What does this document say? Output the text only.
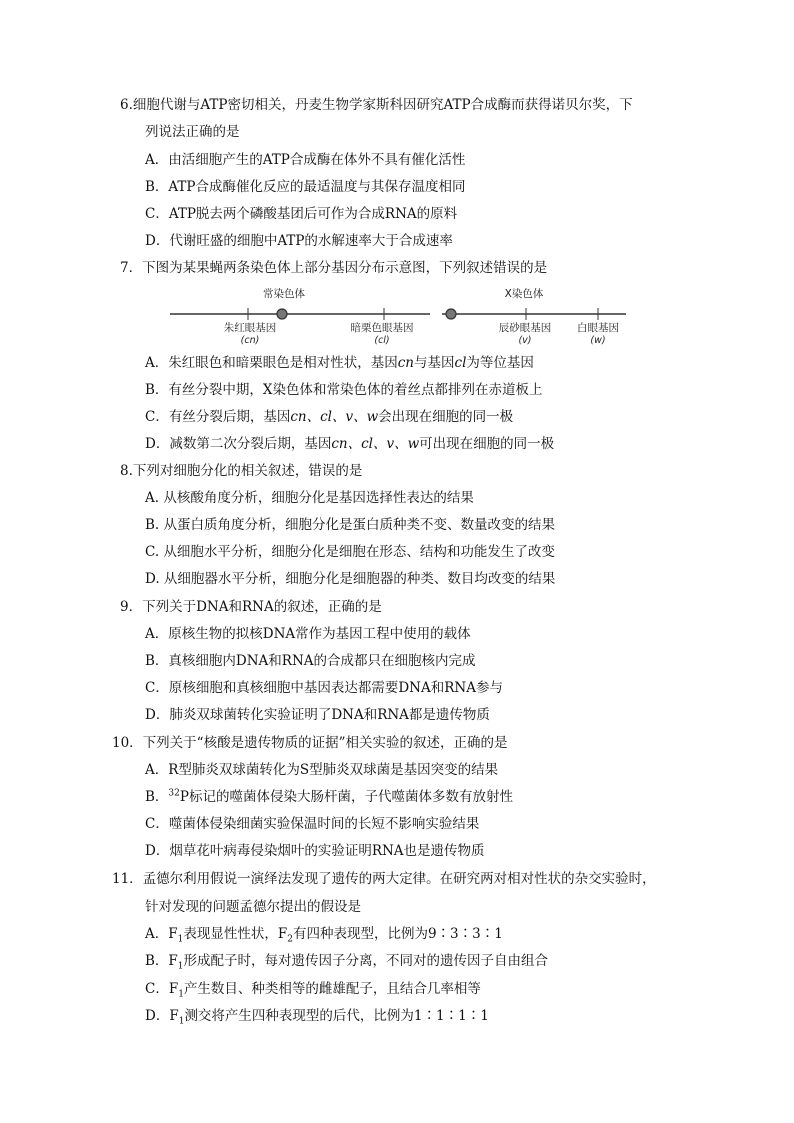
6.细胞代谢与ATP密切相关，丹麦生物学家斯科因研究ATP合成酶而获得诺贝尔奖，下
列说法正确的是
A．由活细胞产生的ATP合成酶在体外不具有催化活性
B．ATP合成酶催化反应的最适温度与其保存温度相同
C．ATP脱去两个磷酸基团后可作为合成RNA的原料
D．代谢旺盛的细胞中ATP的水解速率大于合成速率
7．下图为某果蝇两条染色体上部分基因分布示意图，下列叙述错误的是
常染色体
朱红眼基因
(cn)
暗栗色眼基因
(cl)
X染色体
辰砂眼基因
(v)
白眼基因
(w)
A．朱红眼色和暗栗眼色是相对性状，基因cn与基因cl为等位基因
B．有丝分裂中期，X染色体和常染色体的着丝点都排列在赤道板上
C．有丝分裂后期，基因cn、cl、v、w会出现在细胞的同一极
D．减数第二次分裂后期，基因cn、cl、v、w可出现在细胞的同一极
8.下列对细胞分化的相关叙述，错误的是
A. 从核酸角度分析，细胞分化是基因选择性表达的结果
B. 从蛋白质角度分析，细胞分化是蛋白质种类不变、数量改变的结果
C. 从细胞水平分析，细胞分化是细胞在形态、结构和功能发生了改变
D. 从细胞器水平分析，细胞分化是细胞器的种类、数目均改变的结果
9．下列关于DNA和RNA的叙述，正确的是
A．原核生物的拟核DNA常作为基因工程中使用的载体
B．真核细胞内DNA和RNA的合成都只在细胞核内完成
C．原核细胞和真核细胞中基因表达都需要DNA和RNA参与
D．肺炎双球菌转化实验证明了DNA和RNA都是遗传物质
10．下列关于“核酸是遗传物质的证据”相关实验的叙述，正确的是
A．R型肺炎双球菌转化为S型肺炎双球菌是基因突变的结果
B．$^{32}$P标记的噬菌体侵染大肠杆菌，子代噬菌体多数有放射性
C．噬菌体侵染细菌实验保温时间的长短不影响实验结果
D．烟草花叶病毒侵染烟叶的实验证明RNA也是遗传物质
11．孟德尔利用假说一演绎法发现了遗传的两大定律。在研究两对相对性状的杂交实验时，
针对发现的问题孟德尔提出的假设是
A．$F_1$表现显性性状，$F_2$有四种表现型，比例为9∶3∶3∶1
B．$F_1$形成配子时，每对遗传因子分离，不同对的遗传因子自由组合
C．$F_1$产生数目、种类相等的雌雄配子，且结合几率相等
D．$F_1$测交将产生四种表现型的后代，比例为1∶1∶1∶1
